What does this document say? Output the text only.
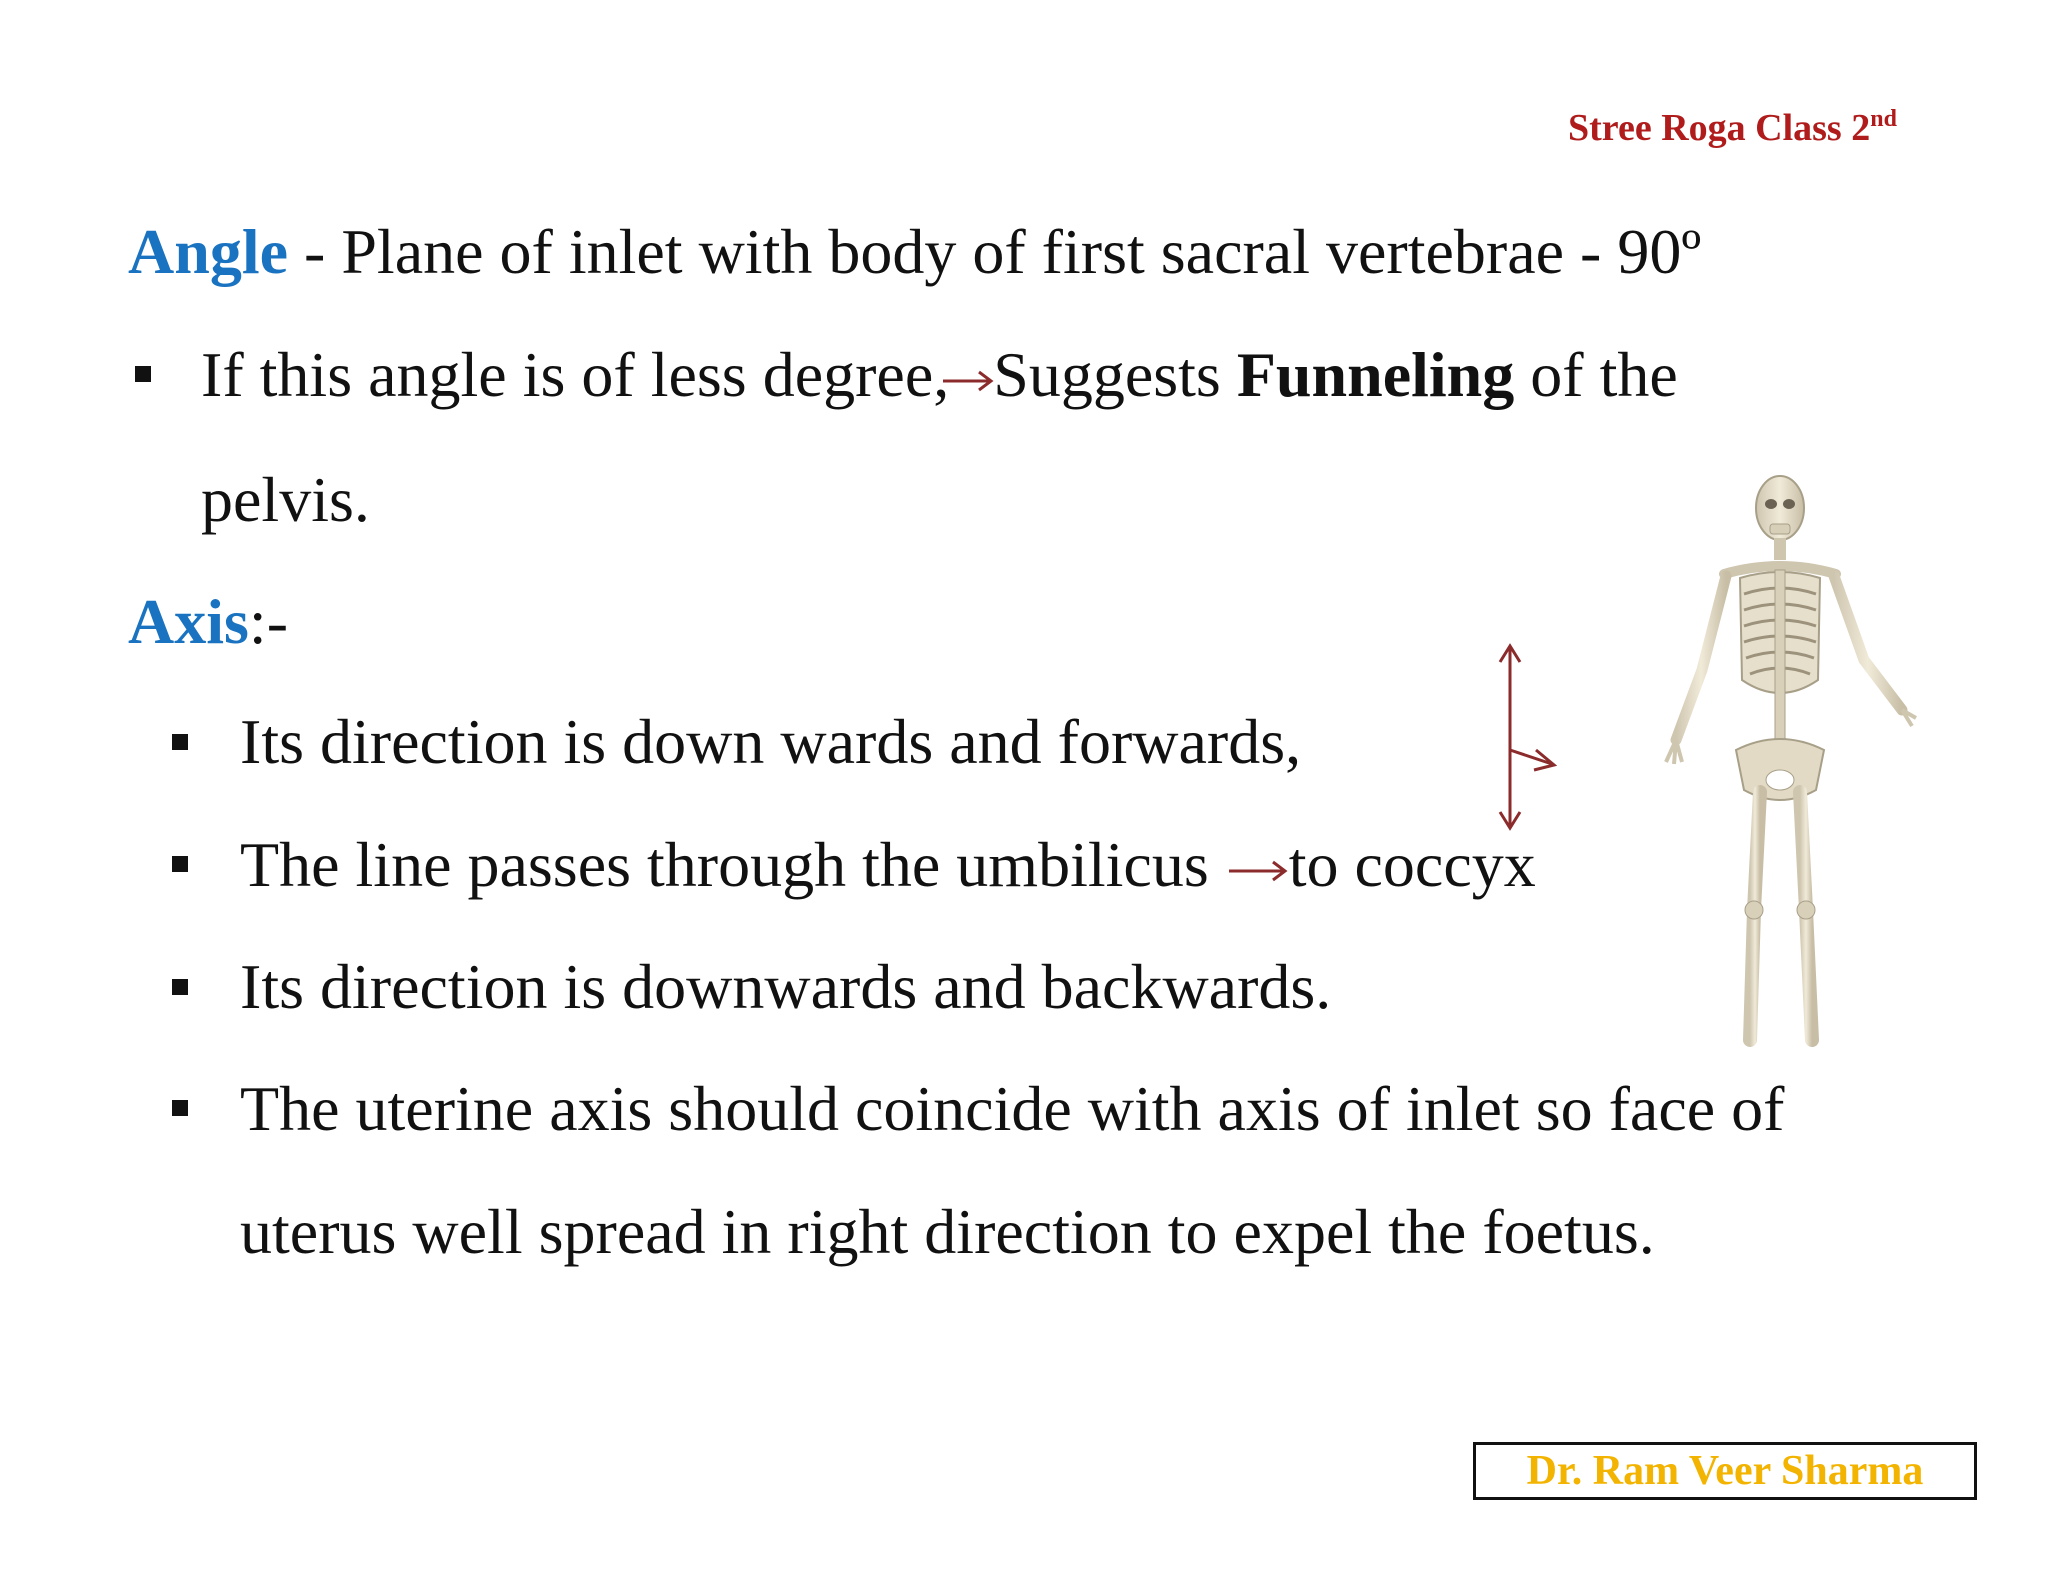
Stree Roga Class 2nd
Angle - Plane of inlet with body of first sacral vertebrae - 90º
If this angle is of less degree, Suggests Funneling of the
pelvis.
Axis:-
Its direction is down wards and forwards,
The line passes through the umbilicus to coccyx
Its direction is downwards and backwards.
The uterine axis should coincide with axis of inlet so face of
uterus well spread in right direction to expel the foetus.
Dr. Ram Veer Sharma
